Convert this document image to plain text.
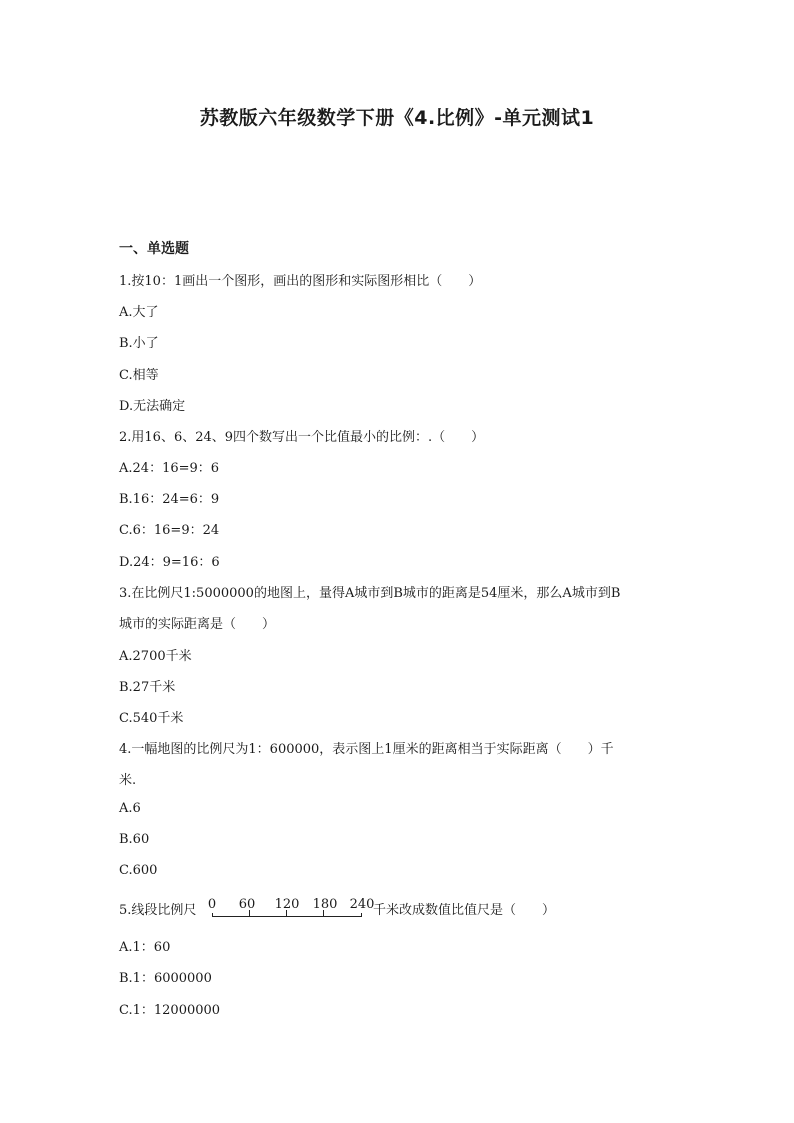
苏教版六年级数学下册《4.比例》-单元测试1
一、单选题
1.按10：1画出一个图形，画出的图形和实际图形相比（　　）
A.大了
B.小了
C.相等
D.无法确定
2.用16、6、24、9四个数写出一个比值最小的比例：.（　　）
A.24：16=9：6
B.16：24=6：9
C.6：16=9：24
D.24：9=16：6
3.在比例尺1:5000000的地图上，量得A城市到B城市的距离是54厘米，那么A城市到B
城市的实际距离是（　　）
A.2700千米
B.27千米
C.540千米
4.一幅地图的比例尺为1：600000，表示图上1厘米的距离相当于实际距离（　　）千
米.
A.6
B.60
C.600
5.线段比例尺 0 60 120 180 240
千米改成数值比值尺是（　　）
A.1：60
B.1：6000000
C.1：12000000
